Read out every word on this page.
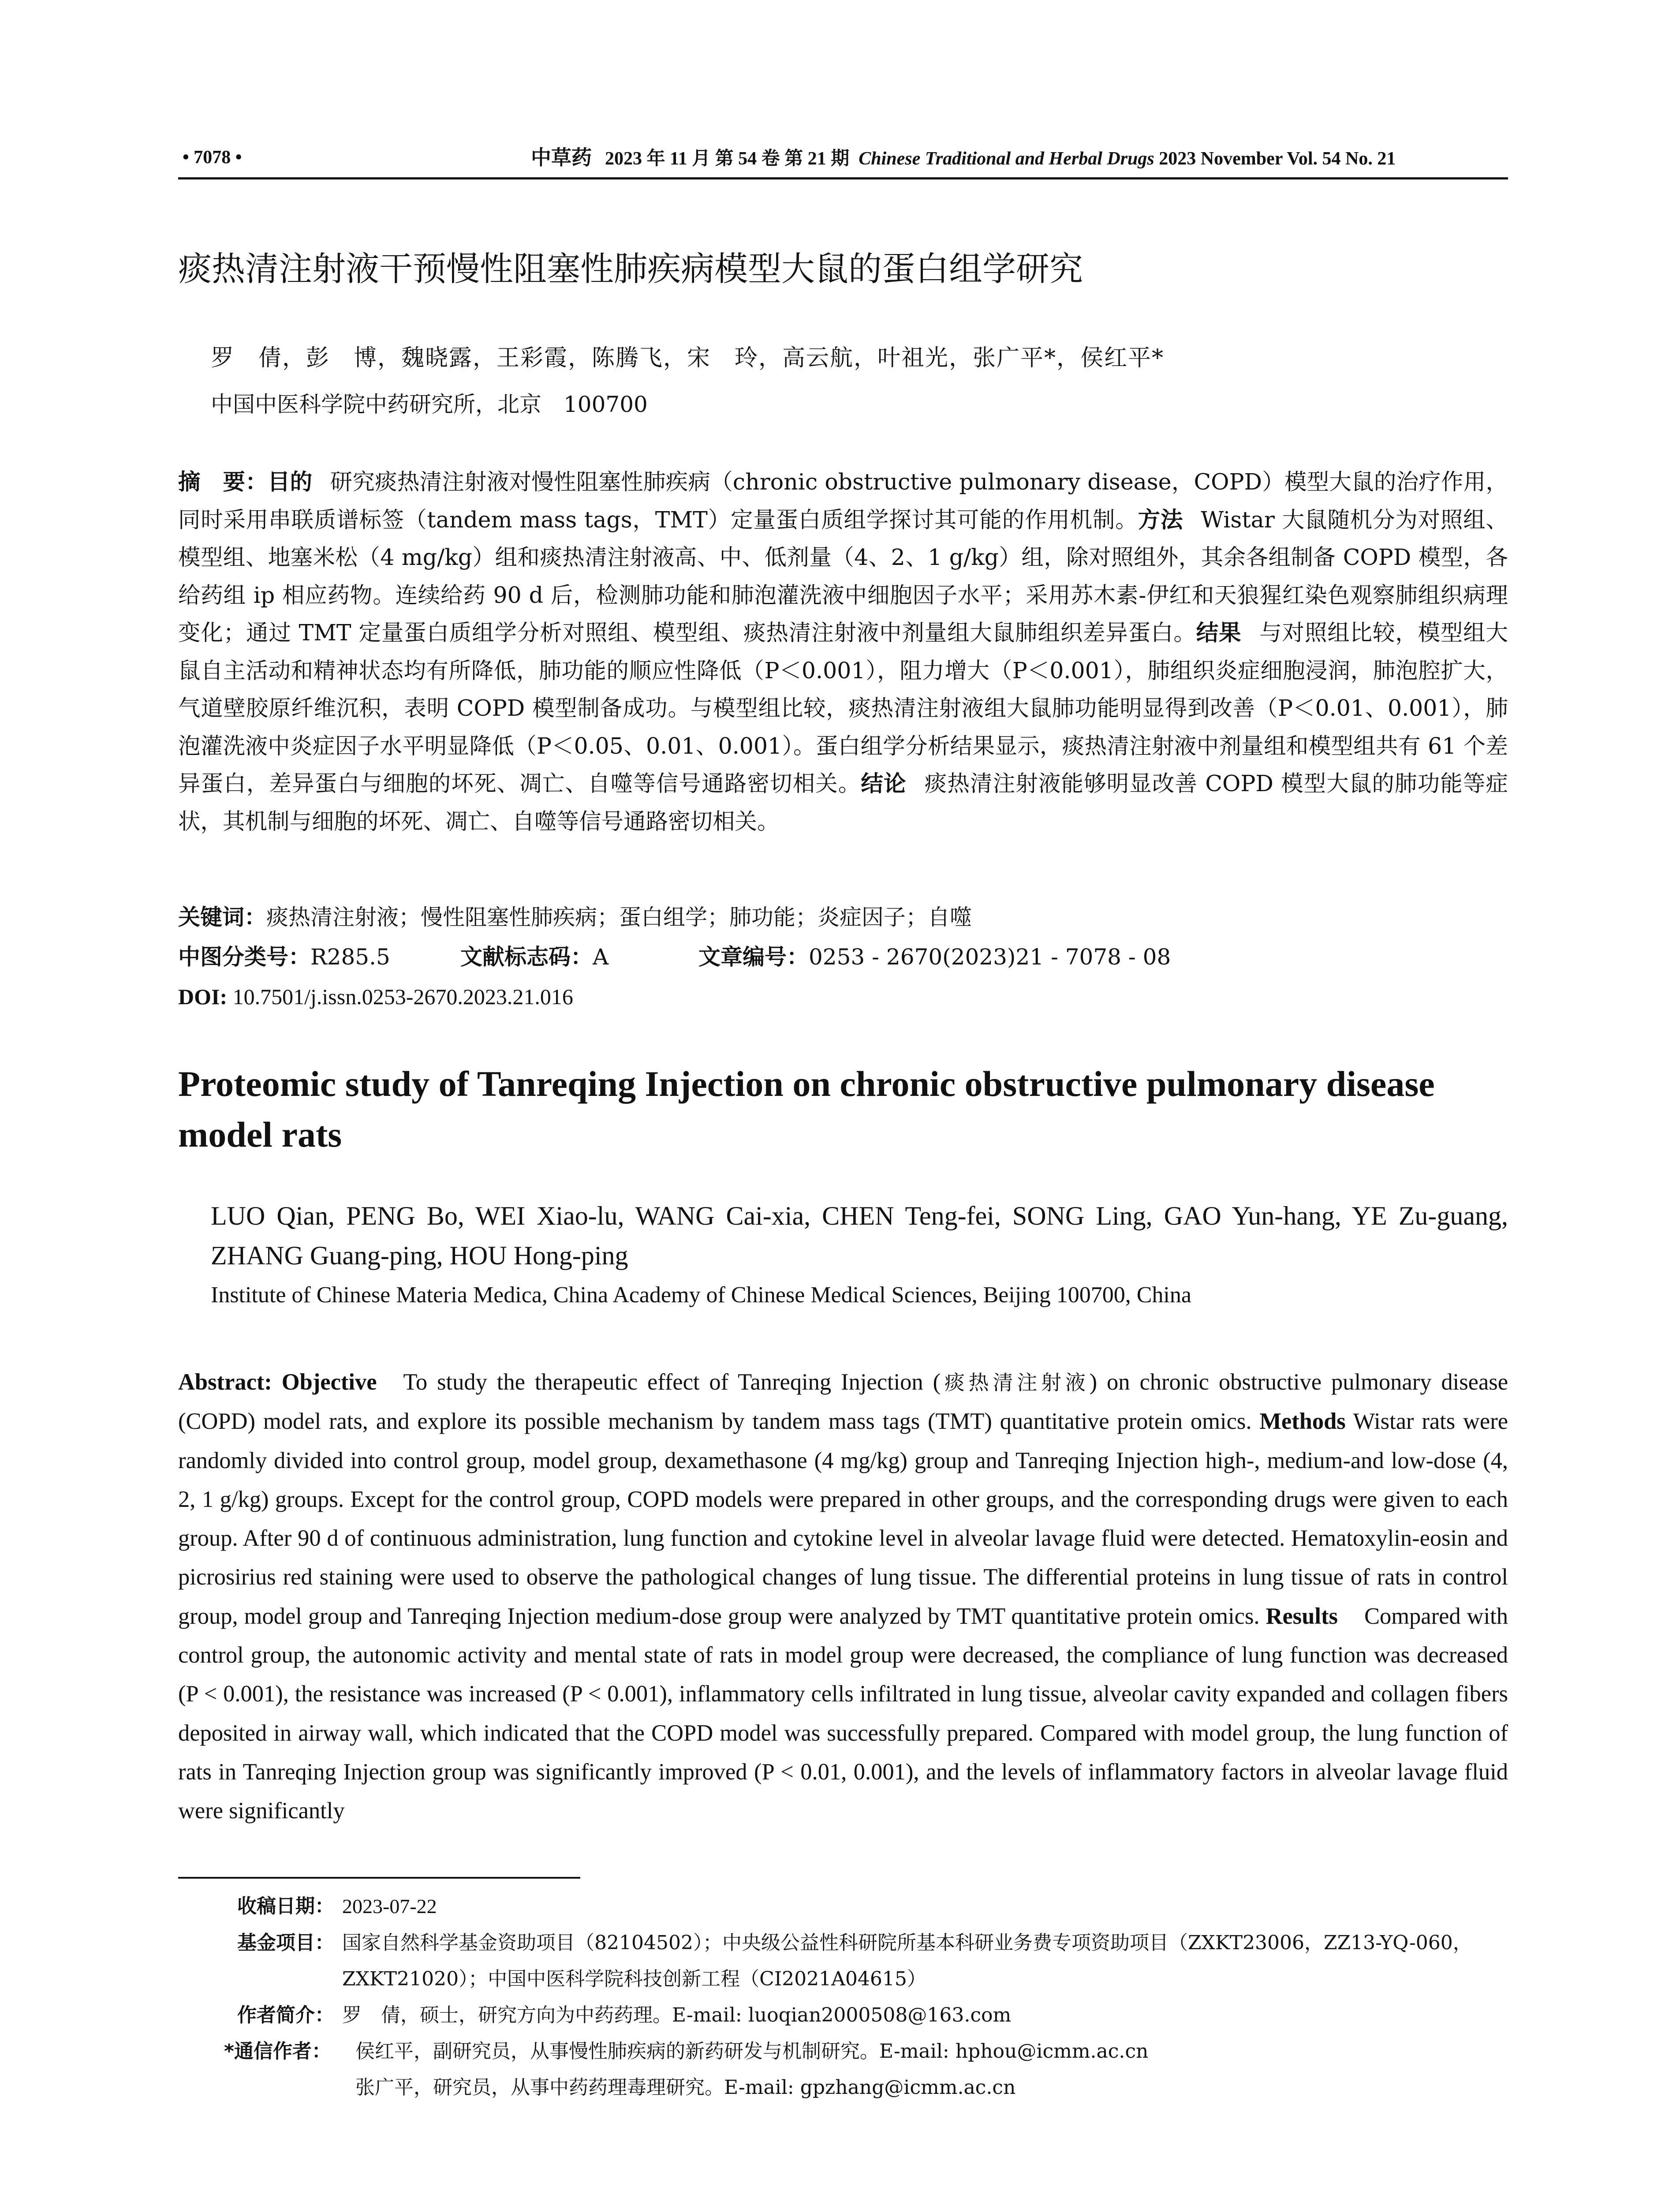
• 7078 •	中草药 2023 年 11 月 第 54 卷 第 21 期 Chinese Traditional and Herbal Drugs 2023 November Vol. 54 No. 21
痰热清注射液干预慢性阻塞性肺疾病模型大鼠的蛋白组学研究
罗　倩，彭　博，魏晓露，王彩霞，陈腾飞，宋　玲，高云航，叶祖光，张广平*，侯红平*
中国中医科学院中药研究所，北京　100700

摘　要：目的 研究痰热清注射液对慢性阻塞性肺疾病（chronic obstructive pulmonary disease，COPD）模型大鼠的治疗作用，同时采用串联质谱标签（tandem mass tags，TMT）定量蛋白质组学探讨其可能的作用机制。方法 Wistar 大鼠随机分为对照组、模型组、地塞米松（4 mg/kg）组和痰热清注射液高、中、低剂量（4、2、1 g/kg）组，除对照组外，其余各组制备 COPD 模型，各给药组 ip 相应药物。连续给药 90 d 后，检测肺功能和肺泡灌洗液中细胞因子水平；采用苏木素-伊红和天狼猩红染色观察肺组织病理变化；通过 TMT 定量蛋白质组学分析对照组、模型组、痰热清注射液中剂量组大鼠肺组织差异蛋白。结果 与对照组比较，模型组大鼠自主活动和精神状态均有所降低，肺功能的顺应性降低（P＜0.001），阻力增大（P＜0.001），肺组织炎症细胞浸润，肺泡腔扩大，气道壁胶原纤维沉积，表明 COPD 模型制备成功。与模型组比较，痰热清注射液组大鼠肺功能明显得到改善（P＜0.01、0.001），肺泡灌洗液中炎症因子水平明显降低（P＜0.05、0.01、0.001）。蛋白组学分析结果显示，痰热清注射液中剂量组和模型组共有 61 个差异蛋白，差异蛋白与细胞的坏死、凋亡、自噬等信号通路密切相关。结论 痰热清注射液能够明显改善 COPD 模型大鼠的肺功能等症状，其机制与细胞的坏死、凋亡、自噬等信号通路密切相关。

关键词：痰热清注射液；慢性阻塞性肺疾病；蛋白组学；肺功能；炎症因子；自噬
中图分类号：R285.5	文献标志码：A	文章编号：0253 - 2670(2023)21 - 7078 - 08
DOI: 10.7501/j.issn.0253-2670.2023.21.016
Proteomic study of Tanreqing Injection on chronic obstructive pulmonary disease model rats
LUO Qian, PENG Bo, WEI Xiao-lu, WANG Cai-xia, CHEN Teng-fei, SONG Ling, GAO Yun-hang, YE Zu-guang, ZHANG Guang-ping, HOU Hong-ping
Institute of Chinese Materia Medica, China Academy of Chinese Medical Sciences, Beijing 100700, China

Abstract: Objective To study the therapeutic effect of Tanreqing Injection (痰热清注射液) on chronic obstructive pulmonary disease (COPD) model rats, and explore its possible mechanism by tandem mass tags (TMT) quantitative protein omics. Methods Wistar rats were randomly divided into control group, model group, dexamethasone (4 mg/kg) group and Tanreqing Injection high-, medium-and low-dose (4, 2, 1 g/kg) groups. Except for the control group, COPD models were prepared in other groups, and the corresponding drugs were given to each group. After 90 d of continuous administration, lung function and cytokine level in alveolar lavage fluid were detected. Hematoxylin-eosin and picrosirius red staining were used to observe the pathological changes of lung tissue. The differential proteins in lung tissue of rats in control group, model group and Tanreqing Injection medium-dose group were analyzed by TMT quantitative protein omics. Results Compared with control group, the autonomic activity and mental state of rats in model group were decreased, the compliance of lung function was decreased (P < 0.001), the resistance was increased (P < 0.001), inflammatory cells infiltrated in lung tissue, alveolar cavity expanded and collagen fibers deposited in airway wall, which indicated that the COPD model was successfully prepared. Compared with model group, the lung function of rats in Tanreqing Injection group was significantly improved (P < 0.01, 0.001), and the levels of inflammatory factors in alveolar lavage fluid were significantly

收稿日期： 2023-07-22
基金项目： 国家自然科学基金资助项目（82104502）；中央级公益性科研院所基本科研业务费专项资助项目（ZXKT23006，ZZ13-YQ-060，
ZXKT21020）；中国中医科学院科技创新工程（CI2021A04615）
作者简介： 罗　倩，硕士，研究方向为中药药理。E-mail: luoqian2000508@163.com
*通信作者：	侯红平，副研究员，从事慢性肺疾病的新药研发与机制研究。E-mail: hphou@icmm.ac.cn
张广平，研究员，从事中药药理毒理研究。E-mail: gpzhang@icmm.ac.cn
